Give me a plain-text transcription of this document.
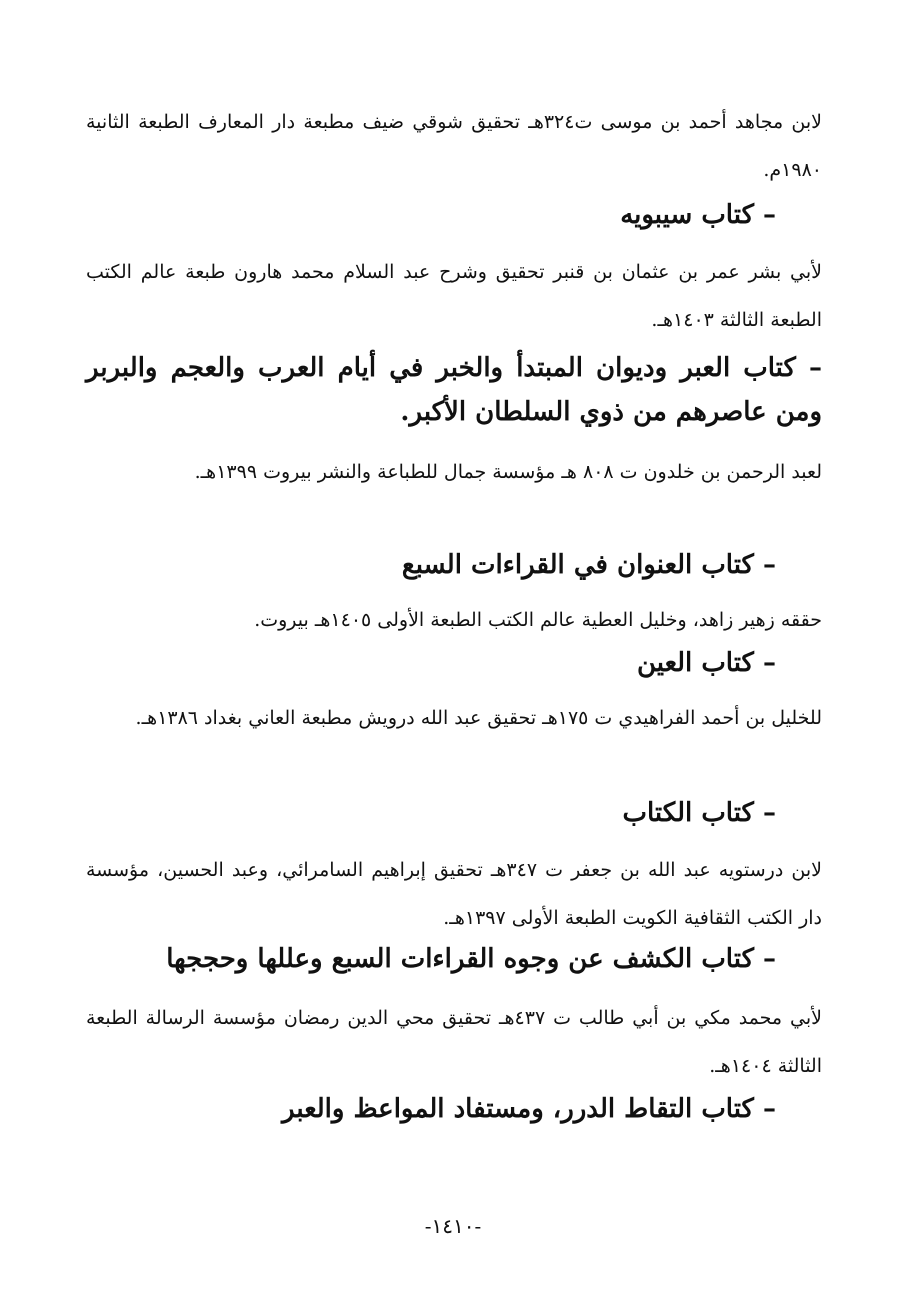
لابن مجاهد أحمد بن موسى ت٣٢٤هـ تحقيق شوقي ضيف مطبعة دار المعارف الطبعة الثانية ١٩٨٠م.

– كتاب سيبويه

لأبي بشر عمر بن عثمان بن قنبر تحقيق وشرح عبد السلام محمد هارون طبعة عالم الكتب الطبعة الثالثة ١٤٠٣هـ.

– كتاب العبر وديوان المبتدأ والخبر في أيام العرب والعجم والبربر ومن عاصرهم من ذوي السلطان الأكبر.

لعبد الرحمن بن خلدون ت ٨٠٨ هـ مؤسسة جمال للطباعة والنشر بيروت ١٣٩٩هـ.

– كتاب العنوان في القراءات السبع

حققه زهير زاهد، وخليل العطية عالم الكتب الطبعة الأولى ١٤٠٥هـ بيروت.

– كتاب العين

للخليل بن أحمد الفراهيدي ت ١٧٥هـ تحقيق عبد الله درويش مطبعة العاني بغداد ١٣٨٦هـ.

– كتاب الكتاب

لابن درستويه عبد الله بن جعفر ت ٣٤٧هـ تحقيق إبراهيم السامرائي، وعبد الحسين، مؤسسة دار الكتب الثقافية الكويت الطبعة الأولى ١٣٩٧هـ.

– كتاب الكشف عن وجوه القراءات السبع وعللها وحججها

لأبي محمد مكي بن أبي طالب ت ٤٣٧هـ تحقيق محي الدين رمضان مؤسسة الرسالة الطبعة الثالثة ١٤٠٤هـ.

– كتاب التقاط الدرر، ومستفاد المواعظ والعبر
-١٤١٠-
